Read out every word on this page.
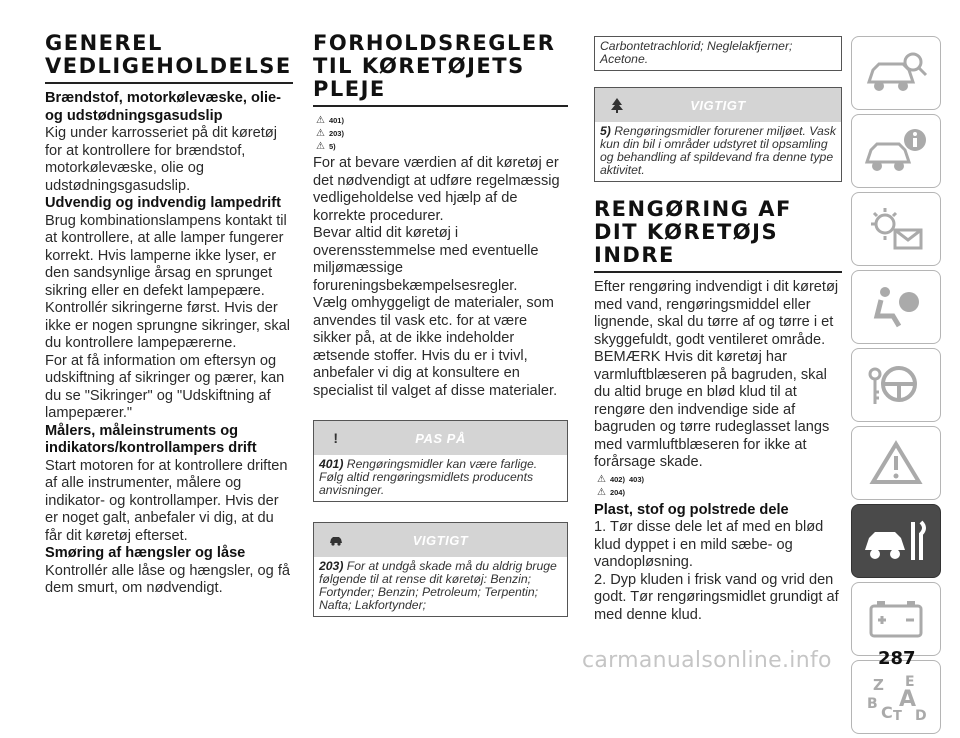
GENEREL VEDLIGEHOLDELSE
Brændstof, motorkølevæske, olie- og udstødningsgasudslip
Kig under karrosseriet på dit køretøj for at kontrollere for brændstof, motorkølevæske, olie og udstødningsgasudslip.
Udvendig og indvendig lampedrift

Brug kombinationslampens kontakt til at kontrollere, at alle lamper fungerer korrekt. Hvis lamperne ikke lyser, er den sandsynlige årsag en sprunget sikring eller en defekt lampepære. Kontrollér sikringerne først. Hvis der ikke er nogen sprungne sikringer, skal du kontrollere lampepærerne.

For at få information om eftersyn og udskiftning af sikringer og pærer, kan du se "Sikringer" og "Udskiftning af lampepærer."

Målers, måleinstruments og indikators/kontrollampers drift
Start motoren for at kontrollere driften af alle instrumenter, målere og indikator- og kontrollamper. Hvis der er noget galt, anbefaler vi dig, at du får dit køretøj efterset.
Smøring af hængsler og låse
Kontrollér alle låse og hængsler, og få dem smurt, om nødvendigt.
FORHOLDSREGLER TIL KØRETØJETS PLEJE
⚠ 401)
⚠ 203)
⚠ 5)

For at bevare værdien af dit køretøj er det nødvendigt at udføre regelmæssig vedligeholdelse ved hjælp af de korrekte procedurer.

Bevar altid dit køretøj i overensstemmelse med eventuelle miljømæssige forureningsbekæmpelsesregler.

Vælg omhyggeligt de materialer, som anvendes til vask etc. for at være sikker på, at de ikke indeholder ætsende stoffer. Hvis du er i tvivl, anbefaler vi dig at konsultere en specialist til valget af disse materialer.

!	PAS PÅ
401) Rengøringsmidler kan være farlige. Følg altid rengøringsmidlets producents anvisninger.
VIGTIGT
203) For at undgå skade må du aldrig bruge følgende til at rense dit køretøj: Benzin; Fortynder; Benzin; Petroleum; Terpentin; Nafta; Lakfortynder;
Carbontetrachlorid; Neglelakfjerner; Acetone.
VIGTIGT
5) Rengøringsmidler forurener miljøet. Vask kun din bil i områder udstyret til opsamling og behandling af spildevand fra denne type aktivitet.
RENGØRING AF DIT KØRETØJS INDRE

Efter rengøring indvendigt i dit køretøj med vand, rengøringsmiddel eller lignende, skal du tørre af og tørre i et skyggefuldt, godt ventileret område.

BEMÆRK Hvis dit køretøj har varmluftblæseren på bagruden, skal du altid bruge en blød klud til at rengøre den indvendige side af bagruden og tørre rudeglasset langs med varmluftblæseren for ikke at forårsage skade.

⚠ 402) 403)
⚠ 204)
Plast, stof og polstrede dele

1. Tør disse dele let af med en blød klud dyppet i en mild sæbe- og vandopløsning.

2. Dyp kluden i frisk vand og vrid den godt. Tør rengøringsmidlet grundigt af med denne klud.

Z E
B A
C T D
carmanualsonline.info	287
